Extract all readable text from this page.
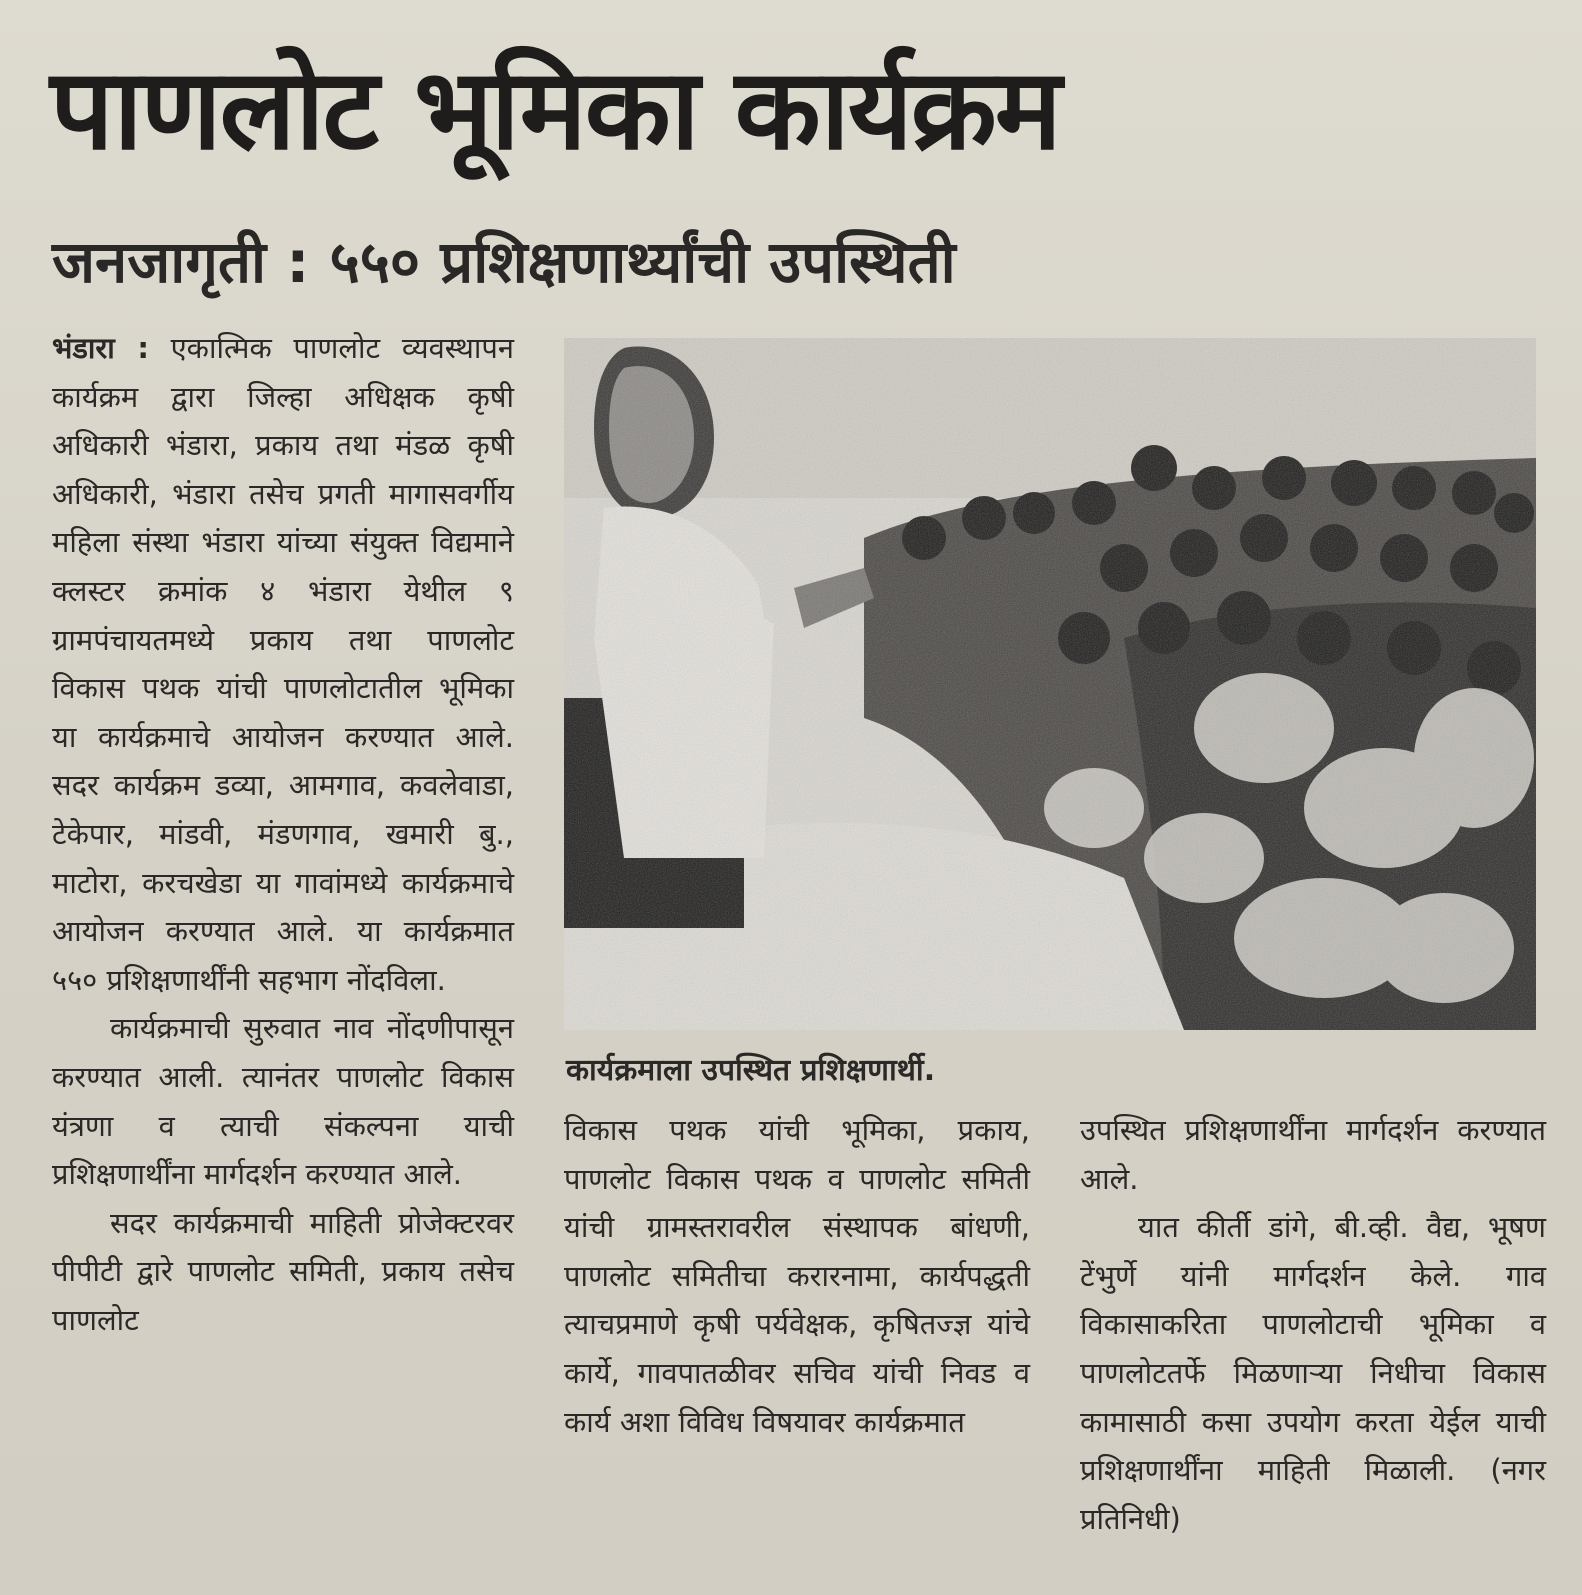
पाणलोट भूमिका कार्यक्रम
जनजागृती : ५५० प्रशिक्षणार्थ्यांची उपस्थिती

भंडारा : एकात्मिक पाणलोट व्यवस्थापन कार्यक्रम द्वारा जिल्हा अधिक्षक कृषी अधिकारी भंडारा, प्रकाय तथा मंडळ कृषी अधिकारी, भंडारा तसेच प्रगती मागासवर्गीय महिला संस्था भंडारा यांच्या संयुक्त विद्यमाने क्लस्टर क्रमांक ४ भंडारा येथील ९ ग्रामपंचायतमध्ये प्रकाय तथा पाणलोट विकास पथक यांची पाणलोटातील भूमिका या कार्यक्रमाचे आयोजन करण्यात आले. सदर कार्यक्रम डव्या, आमगाव, कवलेवाडा, टेकेपार, मांडवी, मंडणगाव, खमारी बु., माटोरा, करचखेडा या गावांमध्ये कार्यक्रमाचे आयोजन करण्यात आले. या कार्यक्रमात ५५० प्रशिक्षणार्थींनी सहभाग नोंदविला.

कार्यक्रमाची सुरुवात नाव नोंदणीपासून करण्यात आली. त्यानंतर पाणलोट विकास यंत्रणा व त्याची संकल्पना याची प्रशिक्षणार्थींना मार्गदर्शन करण्यात आले.

सदर कार्यक्रमाची माहिती प्रोजेक्टरवर पीपीटी द्वारे पाणलोट समिती, प्रकाय तसेच पाणलोट

कार्यक्रमाला उपस्थित प्रशिक्षणार्थी.

विकास पथक यांची भूमिका, प्रकाय, पाणलोट विकास पथक व पाणलोट समिती यांची ग्रामस्तरावरील संस्थापक बांधणी, पाणलोट समितीचा करारनामा, कार्यपद्धती त्याचप्रमाणे कृषी पर्यवेक्षक, कृषितज्ज्ञ यांचे कार्ये, गावपातळीवर सचिव यांची निवड व कार्य अशा विविध विषयावर कार्यक्रमात

उपस्थित प्रशिक्षणार्थींना मार्गदर्शन करण्यात आले.

यात कीर्ती डांगे, बी.व्ही. वैद्य, भूषण टेंभुर्णे यांनी मार्गदर्शन केले. गाव विकासाकरिता पाणलोटाची भूमिका व पाणलोटतर्फे मिळणाऱ्या निधीचा विकास कामासाठी कसा उपयोग करता येईल याची प्रशिक्षणार्थींना माहिती मिळाली. (नगर प्रतिनिधी)
